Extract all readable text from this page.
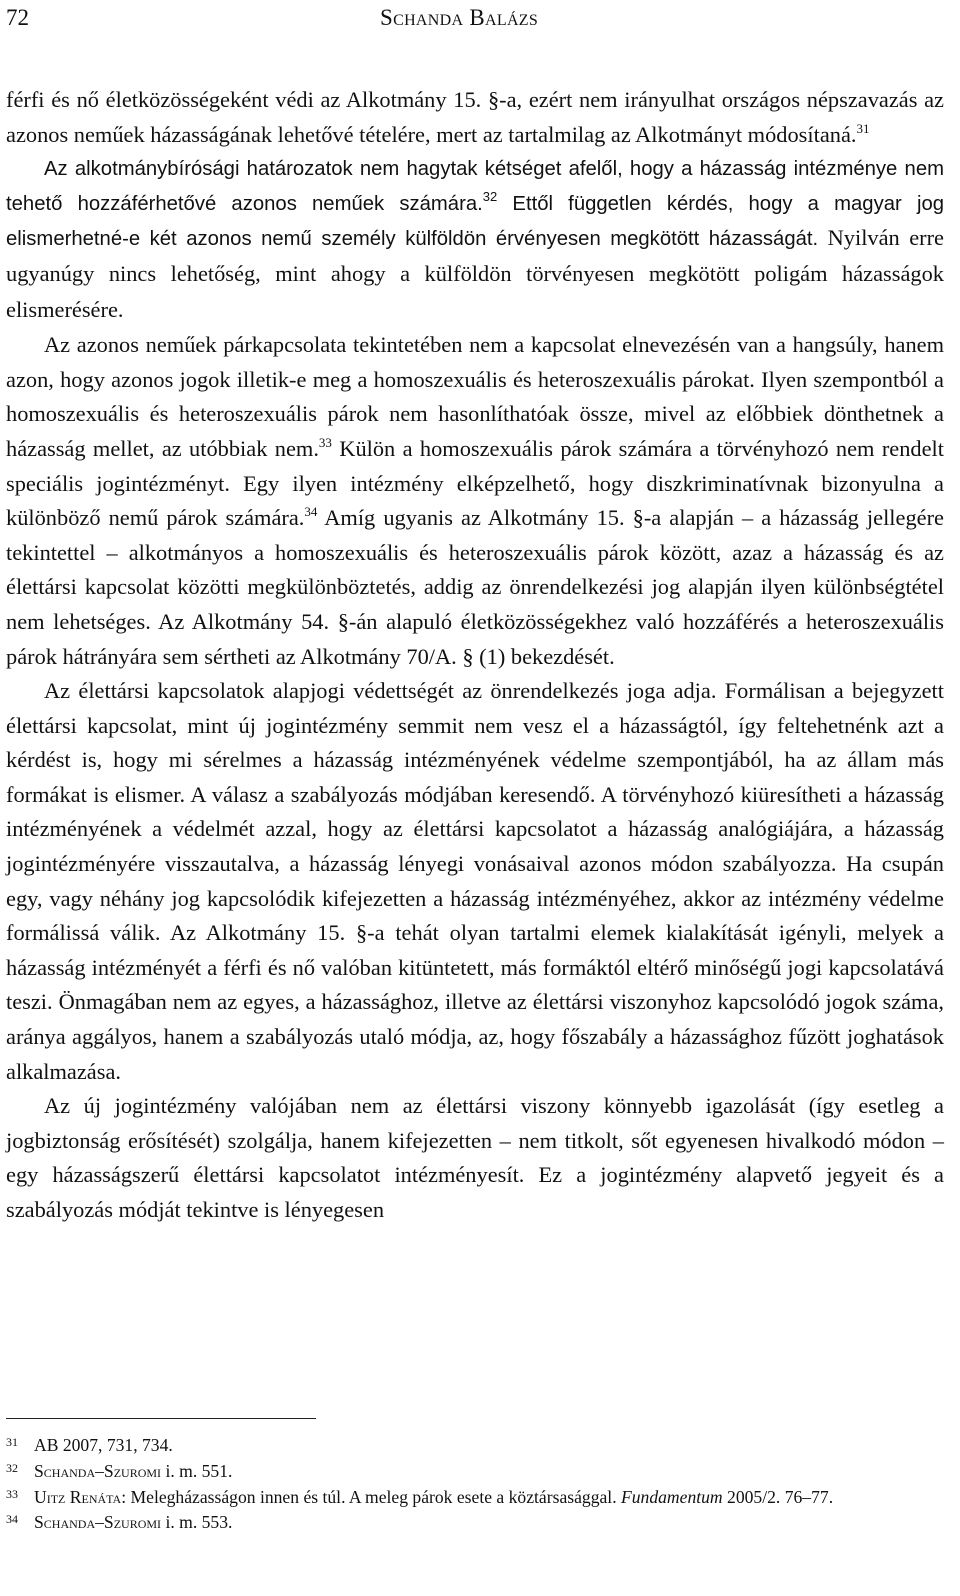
72	Schanda Balázs

férfi és nő életközösségeként védi az Alkotmány 15. §-a, ezért nem irányulhat országos népszavazás az azonos neműek házasságának lehetővé tételére, mert az tartalmilag az Alkotmányt módosítaná.$^{31}$

Az alkotmánybírósági határozatok nem hagytak kétséget afelől, hogy a házasság intézménye nem tehető hozzáférhetővé azonos neműek számára.$^{32}$ Ettől független kérdés, hogy a magyar jog elismerhetné-e két azonos nemű személy külföldön érvényesen megkötött házasságát. Nyilván erre ugyanúgy nincs lehetőség, mint ahogy a külföldön törvényesen megkötött poligám házasságok elismerésére.

Az azonos neműek párkapcsolata tekintetében nem a kapcsolat elnevezésén van a hangsúly, hanem azon, hogy azonos jogok illetik-e meg a homoszexuális és heteroszexuális párokat. Ilyen szempontból a homoszexuális és heteroszexuális párok nem hasonlíthatóak össze, mivel az előbbiek dönthetnek a házasság mellet, az utóbbiak nem.$^{33}$ Külön a homoszexuális párok számára a törvényhozó nem rendelt speciális jogintézményt. Egy ilyen intézmény elképzelhető, hogy diszkriminatívnak bizonyulna a különböző nemű párok számára.$^{34}$ Amíg ugyanis az Alkotmány 15. §-a alapján – a házasság jellegére tekintettel – alkotmányos a homoszexuális és heteroszexuális párok között, azaz a házasság és az élettársi kapcsolat közötti megkülönböztetés, addig az önrendelkezési jog alapján ilyen különbségtétel nem lehetséges. Az Alkotmány 54. §-án alapuló életközösségekhez való hozzáférés a heteroszexuális párok hátrányára sem sértheti az Alkotmány 70/A. § (1) bekezdését.

Az élettársi kapcsolatok alapjogi védettségét az önrendelkezés joga adja. Formálisan a bejegyzett élettársi kapcsolat, mint új jogintézmény semmit nem vesz el a házasságtól, így feltehetnénk azt a kérdést is, hogy mi sérelmes a házasság intézményének védelme szempontjából, ha az állam más formákat is elismer. A válasz a szabályozás módjában keresendő. A törvényhozó kiüresítheti a házasság intézményének a védelmét azzal, hogy az élettársi kapcsolatot a házasság analógiájára, a házasság jogintézményére visszautalva, a házasság lényegi vonásaival azonos módon szabályozza. Ha csupán egy, vagy néhány jog kapcsolódik kifejezetten a házasság intézményéhez, akkor az intézmény védelme formálissá válik. Az Alkotmány 15. §-a tehát olyan tartalmi elemek kialakítását igényli, melyek a házasság intézményét a férfi és nő valóban kitüntetett, más formáktól eltérő minőségű jogi kapcsolatává teszi. Önmagában nem az egyes, a házassághoz, illetve az élettársi viszonyhoz kapcsolódó jogok száma, aránya aggályos, hanem a szabályozás utaló módja, az, hogy főszabály a házassághoz fűzött joghatások alkalmazása.

Az új jogintézmény valójában nem az élettársi viszony könnyebb igazolását (így esetleg a jogbiztonság erősítését) szolgálja, hanem kifejezetten – nem titkolt, sőt egyenesen hivalkodó módon – egy házasságszerű élettársi kapcsolatot intézményesít. Ez a jogintézmény alapvető jegyeit és a szabályozás módját tekintve is lényegesen

31 AB 2007, 731, 734.
32 Schanda–Szuromi i. m. 551.
33 Uitz Renáta: Melegházasságon innen és túl. A meleg párok esete a köztársasággal. Fundamentum 2005/2. 76–77.
34 Schanda–Szuromi i. m. 553.
